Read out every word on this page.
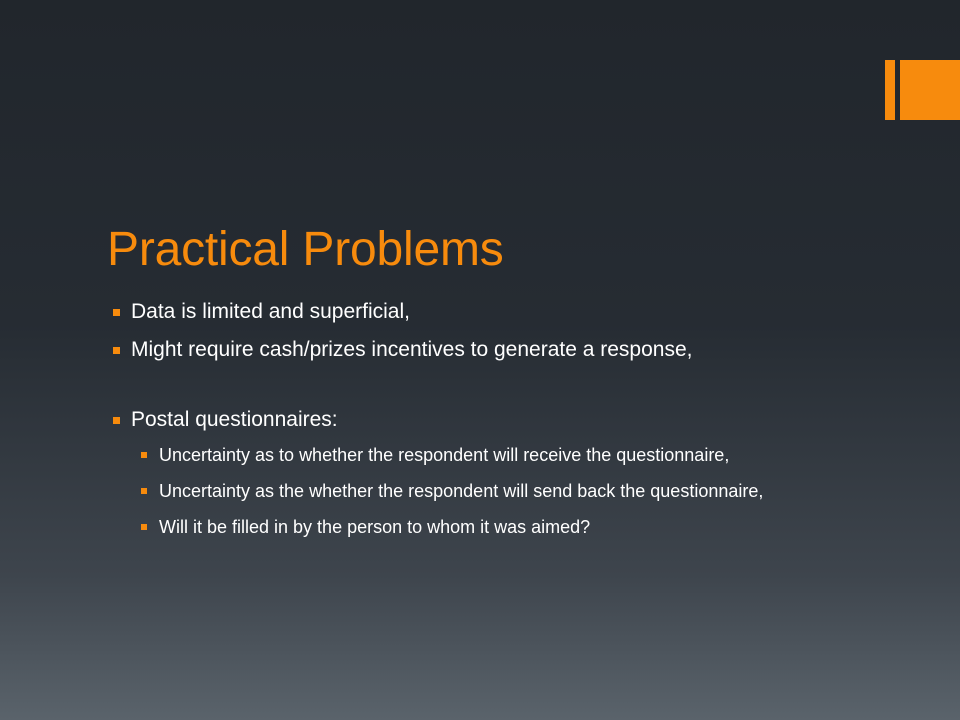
Practical Problems
Data is limited and superficial,
Might require cash/prizes incentives to generate a response,
Postal questionnaires:
Uncertainty as to whether the respondent will receive the questionnaire,
Uncertainty as the whether the respondent will send back the questionnaire,
Will it be filled in by the person to whom it was aimed?
